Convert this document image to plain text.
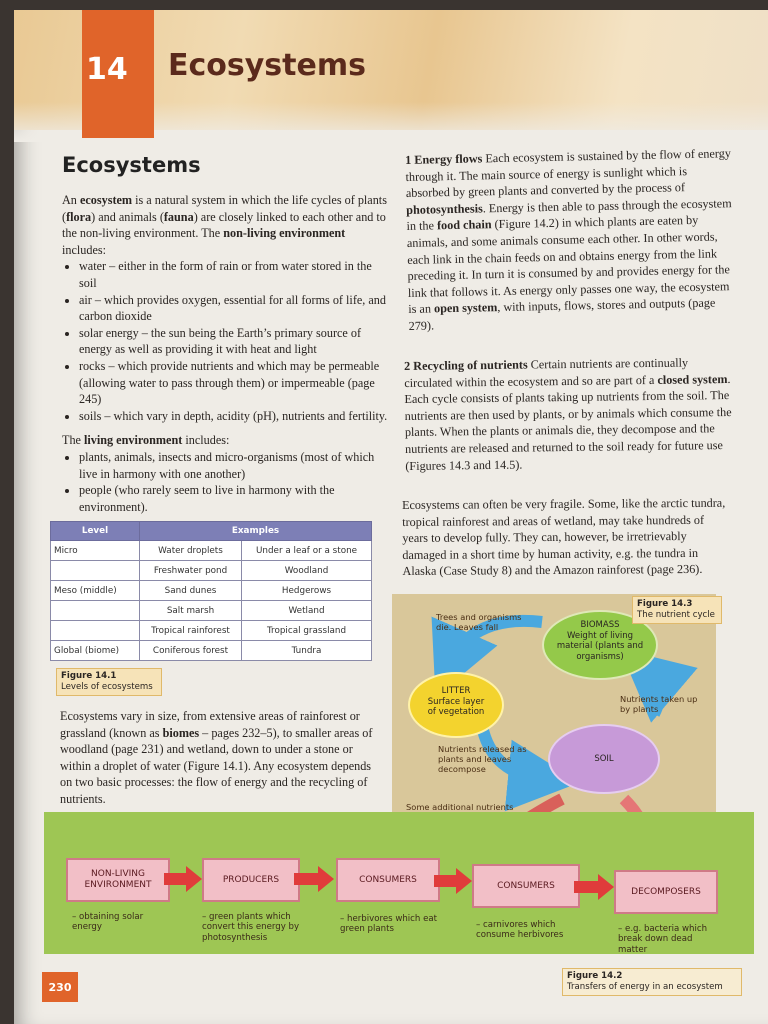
14 Ecosystems
Ecosystems

An ecosystem is a natural system in which the life cycles of plants (flora) and animals (fauna) are closely linked to each other and to the non-living environment. The non-living environment includes:

• water – either in the form of rain or from water stored in the soil
• air – which provides oxygen, essential for all forms of life, and carbon dioxide
• solar energy – the sun being the Earth’s primary source of energy as well as providing it with heat and light
• rocks – which provide nutrients and which may be permeable (allowing water to pass through them) or impermeable (page 245)
• soils – which vary in depth, acidity (pH), nutrients and fertility.

The living environment includes:

• plants, animals, insects and micro-organisms (most of which live in harmony with one another)
• people (who rarely seem to live in harmony with the environment).
Level	Examples	
Micro	Water droplets	Under a leaf or a stone
	Freshwater pond	Woodland
Meso (middle)	Sand dunes	Hedgerows
	Salt marsh	Wetland
	Tropical rainforest	Tropical grassland
Global (biome)	Coniferous forest	Tundra
Figure 14.1
Levels of ecosystems

Ecosystems vary in size, from extensive areas of rainforest or grassland (known as biomes – pages 232–5), to smaller areas of woodland (page 231) and wetland, down to under a stone or within a droplet of water (Figure 14.1). Any ecosystem depends on two basic processes: the flow of energy and the recycling of nutrients.

1 Energy flows Each ecosystem is sustained by the flow of energy through it. The main source of energy is sunlight which is absorbed by green plants and converted by the process of photosynthesis. Energy is then able to pass through the ecosystem in the food chain (Figure 14.2) in which plants are eaten by animals, and some animals consume each other. In other words, each link in the chain feeds on and obtains energy from the link preceding it. In turn it is consumed by and provides energy for the link that follows it. As energy only passes one way, the ecosystem is an open system, with inputs, flows, stores and outputs (page 279).

2 Recycling of nutrients Certain nutrients are continually circulated within the ecosystem and so are part of a closed system. Each cycle consists of plants taking up nutrients from the soil. The nutrients are then used by plants, or by animals which consume the plants. When the plants or animals die, they decompose and the nutrients are released and returned to the soil ready for future use (Figures 14.3 and 14.5).

Ecosystems can often be very fragile. Some, like the arctic tundra, tropical rainforest and areas of wetland, may take hundreds of years to develop fully. They can, however, be irretrievably damaged in a short time by human activity, e.g. the tundra in Alaska (Case Study 8) and the Amazon rainforest (page 236).

BIOMASS
Weight of living material (plants and organisms)
LITTER
Surface layer of vegetation
SOIL
Trees and organisms die. Leaves fall
Nutrients taken up by plants
Nutrients released as plants and leaves decompose
Some additional nutrients
Figure 14.3
The nutrient cycle
NON-LIVING ENVIRONMENT
PRODUCERS	CONSUMERS
CONSUMERS
DECOMPOSERS
– obtaining solar energy
– green plants which convert this energy by photosynthesis
– herbivores which eat green plants	– carnivores which consume herbivores
– e.g. bacteria which break down dead matter
Figure 14.2
Transfers of energy in an ecosystem
230
